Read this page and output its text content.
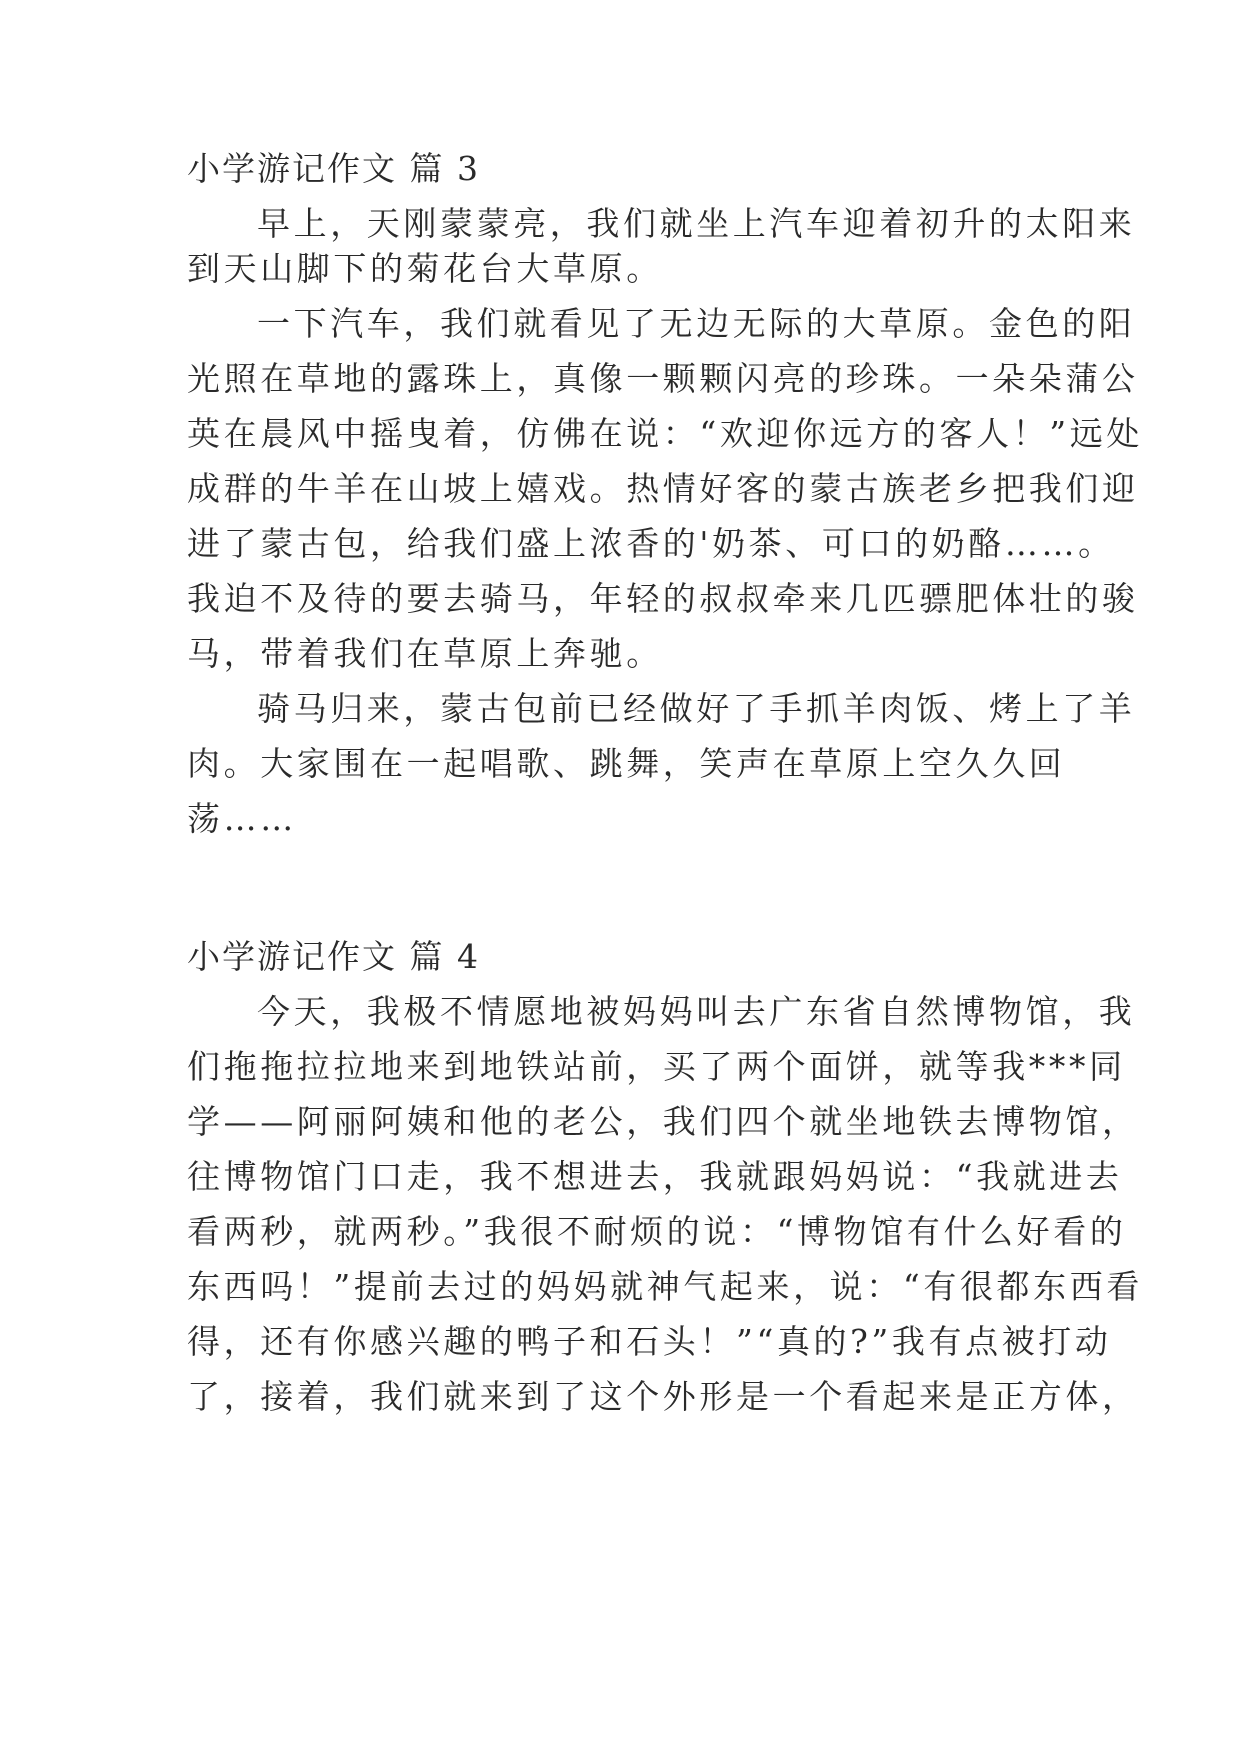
小学游记作文 篇 3
早上，天刚蒙蒙亮，我们就坐上汽车迎着初升的太阳来
到天山脚下的菊花台大草原。
一下汽车，我们就看见了无边无际的大草原。金色的阳
光照在草地的露珠上，真像一颗颗闪亮的珍珠。一朵朵蒲公
英在晨风中摇曳着，仿佛在说：“欢迎你远方的客人！”远处
成群的牛羊在山坡上嬉戏。热情好客的蒙古族老乡把我们迎
进了蒙古包，给我们盛上浓香的'奶茶、可口的奶酪……。
我迫不及待的要去骑马，年轻的叔叔牵来几匹骠肥体壮的骏
马，带着我们在草原上奔驰。
骑马归来，蒙古包前已经做好了手抓羊肉饭、烤上了羊
肉。大家围在一起唱歌、跳舞，笑声在草原上空久久回
荡……
小学游记作文 篇 4
今天，我极不情愿地被妈妈叫去广东省自然博物馆，我
们拖拖拉拉地来到地铁站前，买了两个面饼，就等我***同
学——阿丽阿姨和他的老公，我们四个就坐地铁去博物馆，
往博物馆门口走，我不想进去，我就跟妈妈说：“我就进去
看两秒，就两秒。”我很不耐烦的说：“博物馆有什么好看的
东西吗！”提前去过的妈妈就神气起来，说：“有很都东西看
得，还有你感兴趣的鸭子和石头！”“真的?”我有点被打动
了，接着，我们就来到了这个外形是一个看起来是正方体，
